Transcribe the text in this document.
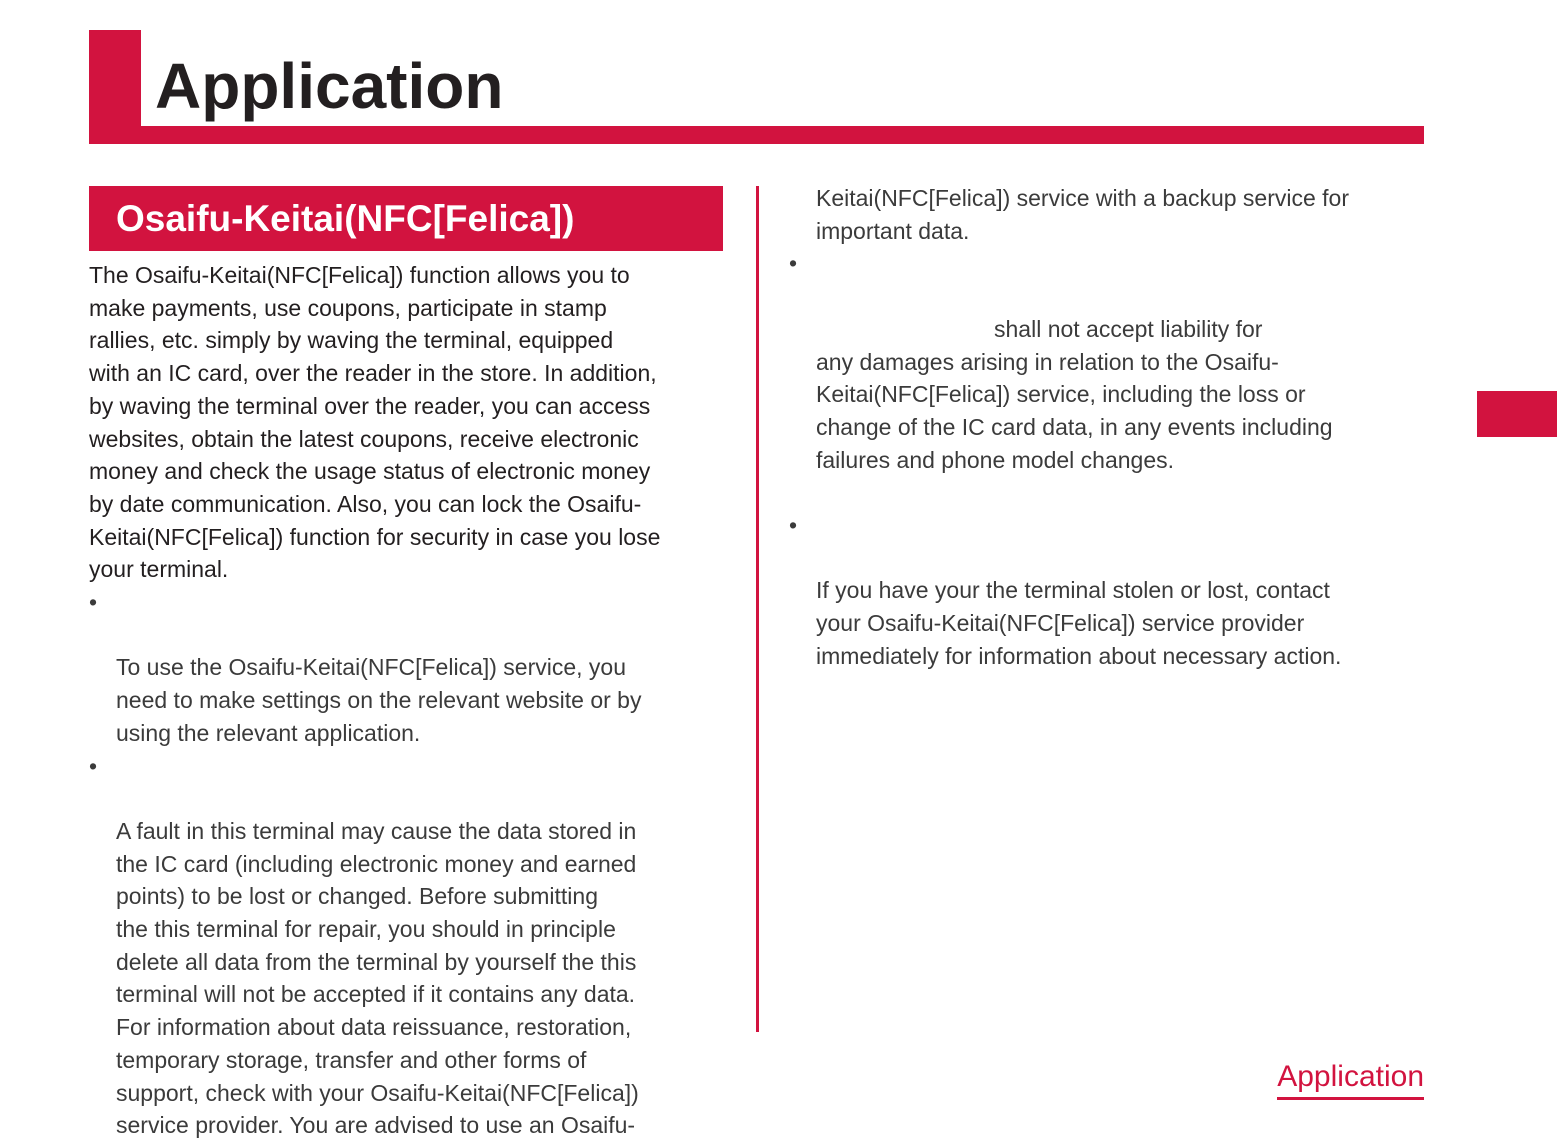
Application
Osaifu-Keitai(NFC[Felica])

The Osaifu-Keitai(NFC[Felica]) function allows you to
make payments, use coupons, participate in stamp
rallies, etc. simply by waving the terminal, equipped
with an IC card, over the reader in the store. In addition,
by waving the terminal over the reader, you can access
websites, obtain the latest coupons, receive electronic
money and check the usage status of electronic money
by date communication. Also, you can lock the Osaifu-
Keitai(NFC[Felica]) function for security in case you lose
your terminal.

•

To use the Osaifu-Keitai(NFC[Felica]) service, you
need to make settings on the relevant website or by
using the relevant application.

•

A fault in this terminal may cause the data stored in
the IC card (including electronic money and earned
points) to be lost or changed. Before submitting
the this terminal for repair, you should in principle
delete all data from the terminal by yourself the this
terminal will not be accepted if it contains any data.
For information about data reissuance, restoration,
temporary storage, transfer and other forms of
support, check with your Osaifu-Keitai(NFC[Felica])
service provider. You are advised to use an Osaifu-

Keitai(NFC[Felica]) service with a backup service for
important data.

•

shall not accept liability for

any damages arising in relation to the Osaifu-
Keitai(NFC[Felica]) service, including the loss or
change of the IC card data, in any events including
failures and phone model changes.

•

If you have your the terminal stolen or lost, contact
your Osaifu-Keitai(NFC[Felica]) service provider
immediately for information about necessary action.

Application
